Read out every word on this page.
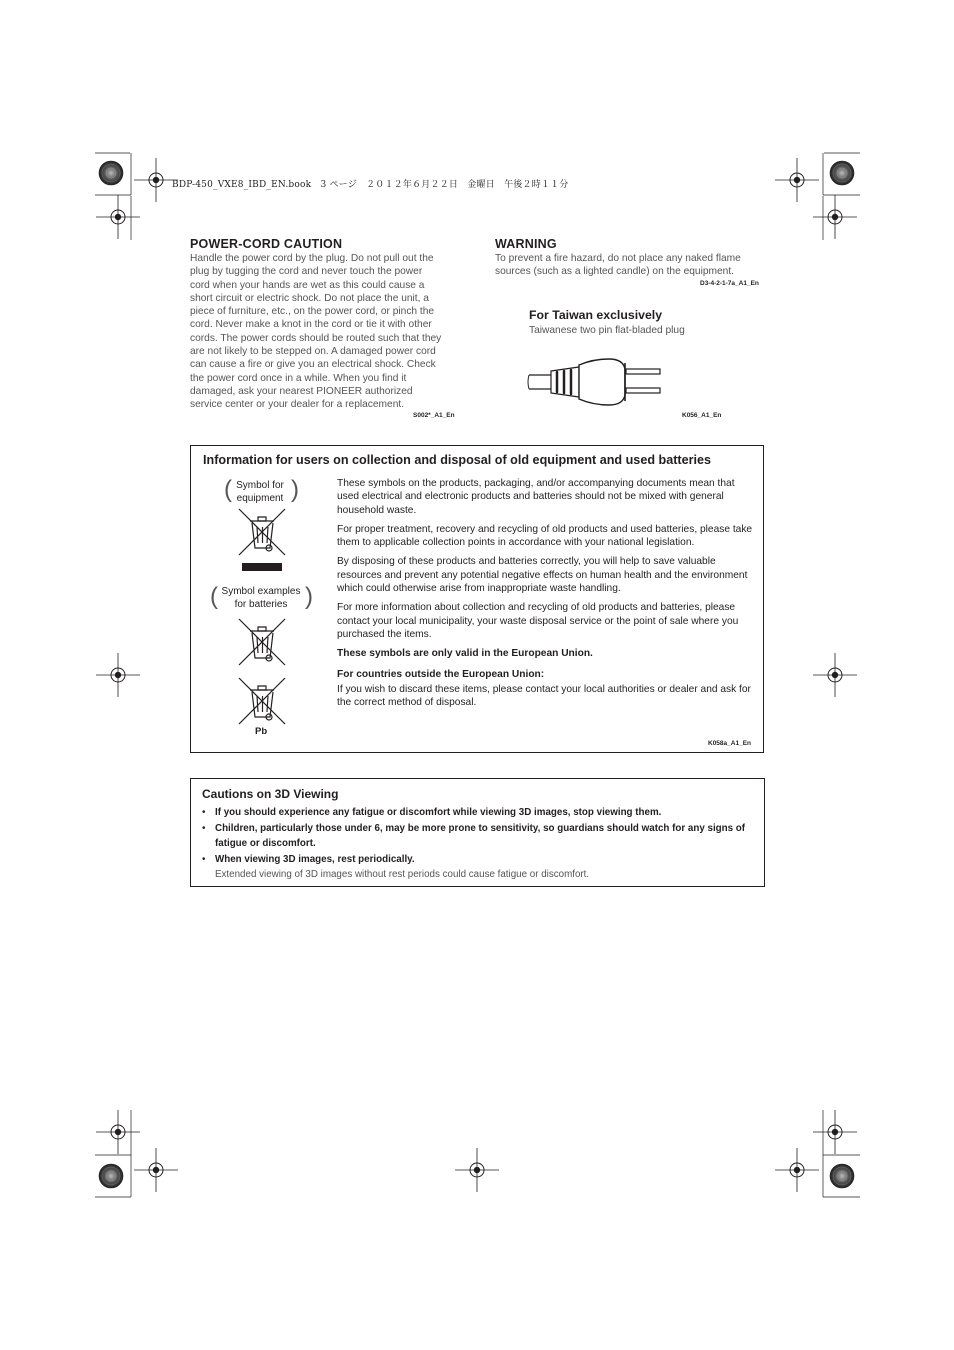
BDP-450_VXE8_IBD_EN.book　3 ページ　２０１２年６月２２日　金曜日　午後２時１１分
POWER-CORD CAUTION
Handle the power cord by the plug. Do not pull out the
plug by tugging the cord and never touch the power
cord when your hands are wet as this could cause a
short circuit or electric shock. Do not place the unit, a
piece of furniture, etc., on the power cord, or pinch the
cord. Never make a knot in the cord or tie it with other
cords. The power cords should be routed such that they
are not likely to be stepped on. A damaged power cord
can cause a fire or give you an electrical shock. Check
the power cord once in a while. When you find it
damaged, ask your nearest PIONEER authorized
service center or your dealer for a replacement.
S002*_A1_En
WARNING
To prevent a fire hazard, do not place any naked flame
sources (such as a lighted candle) on the equipment.
D3-4-2-1-7a_A1_En
For Taiwan exclusively
Taiwanese two pin flat-bladed plug
K056_A1_En
Information for users on collection and disposal of old equipment and used batteries
( Symbol for
equipment )
( Symbol examples
for batteries )
Pb

These symbols on the products, packaging, and/or accompanying documents mean that used electrical and electronic products and batteries should not be mixed with general household waste.

For proper treatment, recovery and recycling of old products and used batteries, please take them to applicable collection points in accordance with your national legislation.

By disposing of these products and batteries correctly, you will help to save valuable resources and prevent any potential negative effects on human health and the environment which could otherwise arise from inappropriate waste handling.

For more information about collection and recycling of old products and batteries, please contact your local municipality, your waste disposal service or the point of sale where you purchased the items.

These symbols are only valid in the European Union.

For countries outside the European Union:

If you wish to discard these items, please contact your local authorities or dealer and ask for the correct method of disposal.

K058a_A1_En
Cautions on 3D Viewing
• If you should experience any fatigue or discomfort while viewing 3D images, stop viewing them.
• Children, particularly those under 6, may be more prone to sensitivity, so guardians should watch for any signs of fatigue or discomfort.
• When viewing 3D images, rest periodically.
Extended viewing of 3D images without rest periods could cause fatigue or discomfort.
